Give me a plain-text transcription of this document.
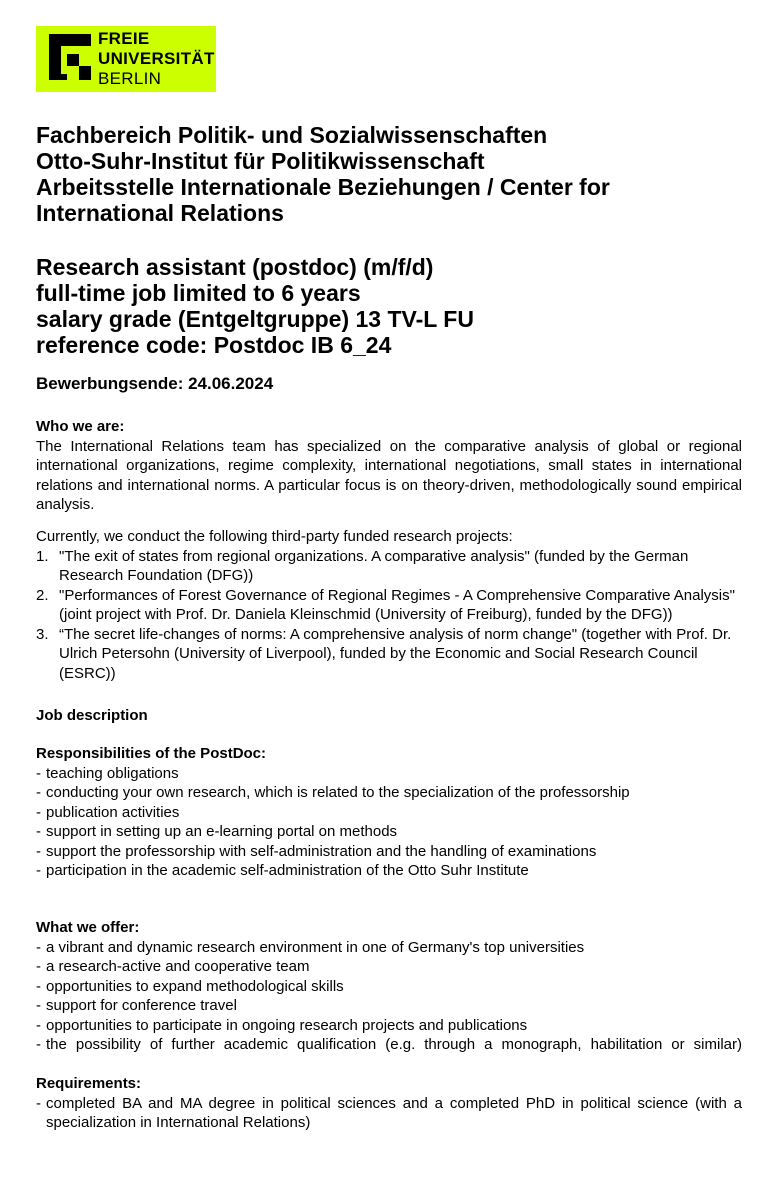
FREIE
UNIVERSITÄT
BERLIN
Fachbereich Politik- und Sozialwissenschaften
Otto-Suhr-Institut für Politikwissenschaft
Arbeitsstelle Internationale Beziehungen / Center for
International Relations
Research assistant (postdoc) (m/f/d)
full-time job limited to 6 years
salary grade (Entgeltgruppe) 13 TV-L FU
reference code: Postdoc IB 6_24
Bewerbungsende: 24.06.2024
Who we are:
The International Relations team has specialized on the comparative analysis of global or regional international organizations, regime complexity, international negotiations, small states in international relations and international norms. A particular focus is on theory-driven, methodologically sound empirical analysis.
Currently, we conduct the following third-party funded research projects:
1. "The exit of states from regional organizations. A comparative analysis" (funded by the German Research Foundation (DFG))
2. "Performances of Forest Governance of Regional Regimes - A Comprehensive Comparative Analysis" (joint project with Prof. Dr. Daniela Kleinschmid (University of Freiburg), funded by the DFG))
3. “The secret life-changes of norms: A comprehensive analysis of norm change" (together with Prof. Dr. Ulrich Petersohn (University of Liverpool), funded by the Economic and Social Research Council (ESRC))
Job description
Responsibilities of the PostDoc:
- teaching obligations
- conducting your own research, which is related to the specialization of the professorship
- publication activities
- support in setting up an e-learning portal on methods
- support the professorship with self-administration and the handling of examinations
- participation in the academic self-administration of the Otto Suhr Institute
What we offer:
- a vibrant and dynamic research environment in one of Germany's top universities
- a research-active and cooperative team
- opportunities to expand methodological skills
- support for conference travel
- opportunities to participate in ongoing research projects and publications
- the possibility of further academic qualification (e.g. through a monograph, habilitation or similar)
Requirements:
- completed BA and MA degree in political sciences and a completed PhD in political science (with a specialization in International Relations)
